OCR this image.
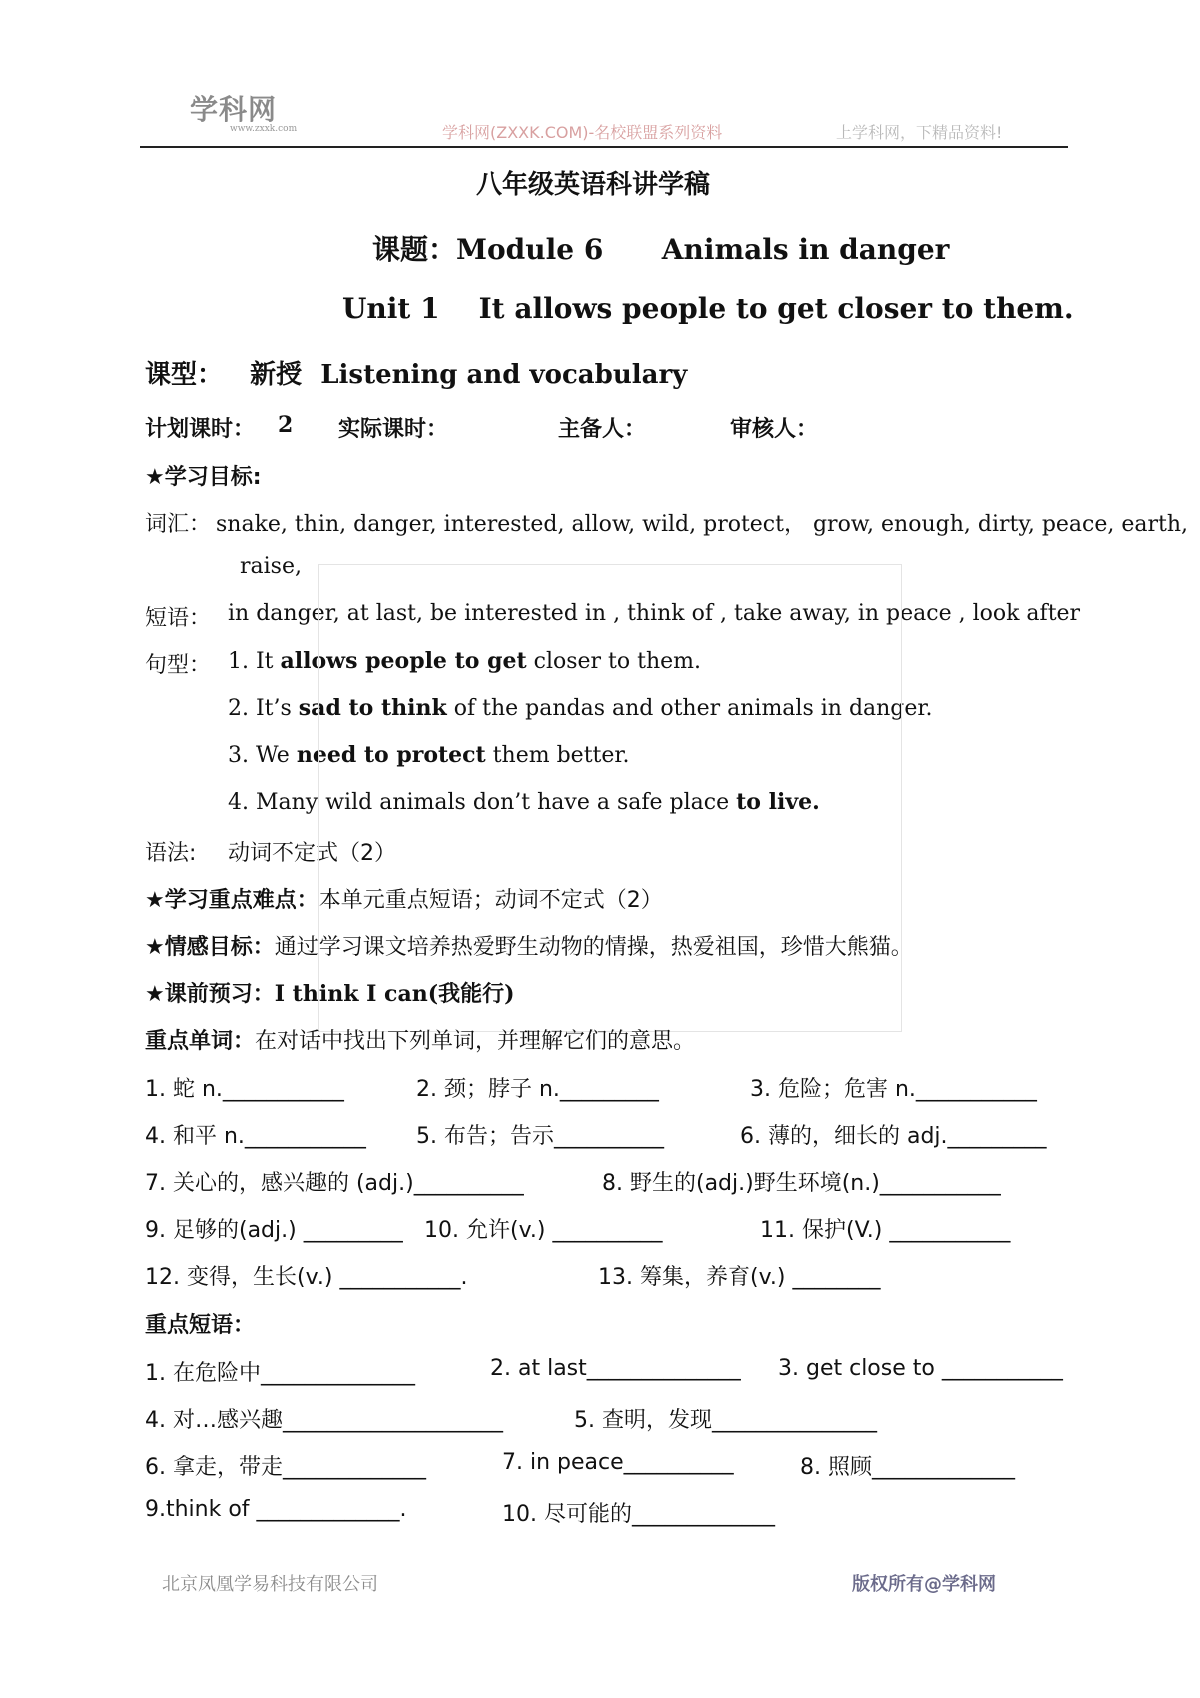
学科网
www.zxxk.com	学科网(ZXXK.COM)-名校联盟系列资料	上学科网，下精品资料!
八年级英语科讲学稿
课题：Module 6      Animals in danger
Unit 1    It allows people to get closer to them.
课型： 新授  Listening and vocabulary
计划课时： 2 实际课时：	主备人：	审核人：
★学习目标:
词汇： snake, thin, danger, interested, allow, wild, protect， grow, enough, dirty, peace, earth,
raise,
短语： in danger, at last, be interested in , think of , take away, in peace , look after
句型： 1. It allows people to get closer to them.
2. It’s sad to think of the pandas and other animals in danger.
3. We need to protect them better.
4. Many wild animals don’t have a safe place to live.
语法: 动词不定式（2）
★学习重点难点：本单元重点短语；动词不定式（2）
★情感目标：通过学习课文培养热爱野生动物的情操，热爱祖国，珍惜大熊猫。
★课前预习：I think I can(我能行)
重点单词：在对话中找出下列单词，并理解它们的意思。
1. 蛇 n.___________	2. 颈；脖子 n._________	3. 危险；危害 n.___________
4. 和平 n.___________ 5. 布告；告示__________	6. 薄的，细长的 adj._________
7. 关心的，感兴趣的 (adj.)__________	8. 野生的(adj.)野生环境(n.)___________
9. 足够的(adj.) _________ 10. 允许(v.) __________	11. 保护(V.) ___________
12. 变得，生长(v.) ___________.	13. 筹集，养育(v.) ________
重点短语：
1. 在危险中______________	2. at last______________ 3. get close to ___________
4. 对…感兴趣____________________	5. 查明，发现_______________
6. 拿走，带走_____________	7. in peace__________	8. 照顾_____________
9.think of _____________.	10. 尽可能的_____________
北京凤凰学易科技有限公司	版权所有@学科网
